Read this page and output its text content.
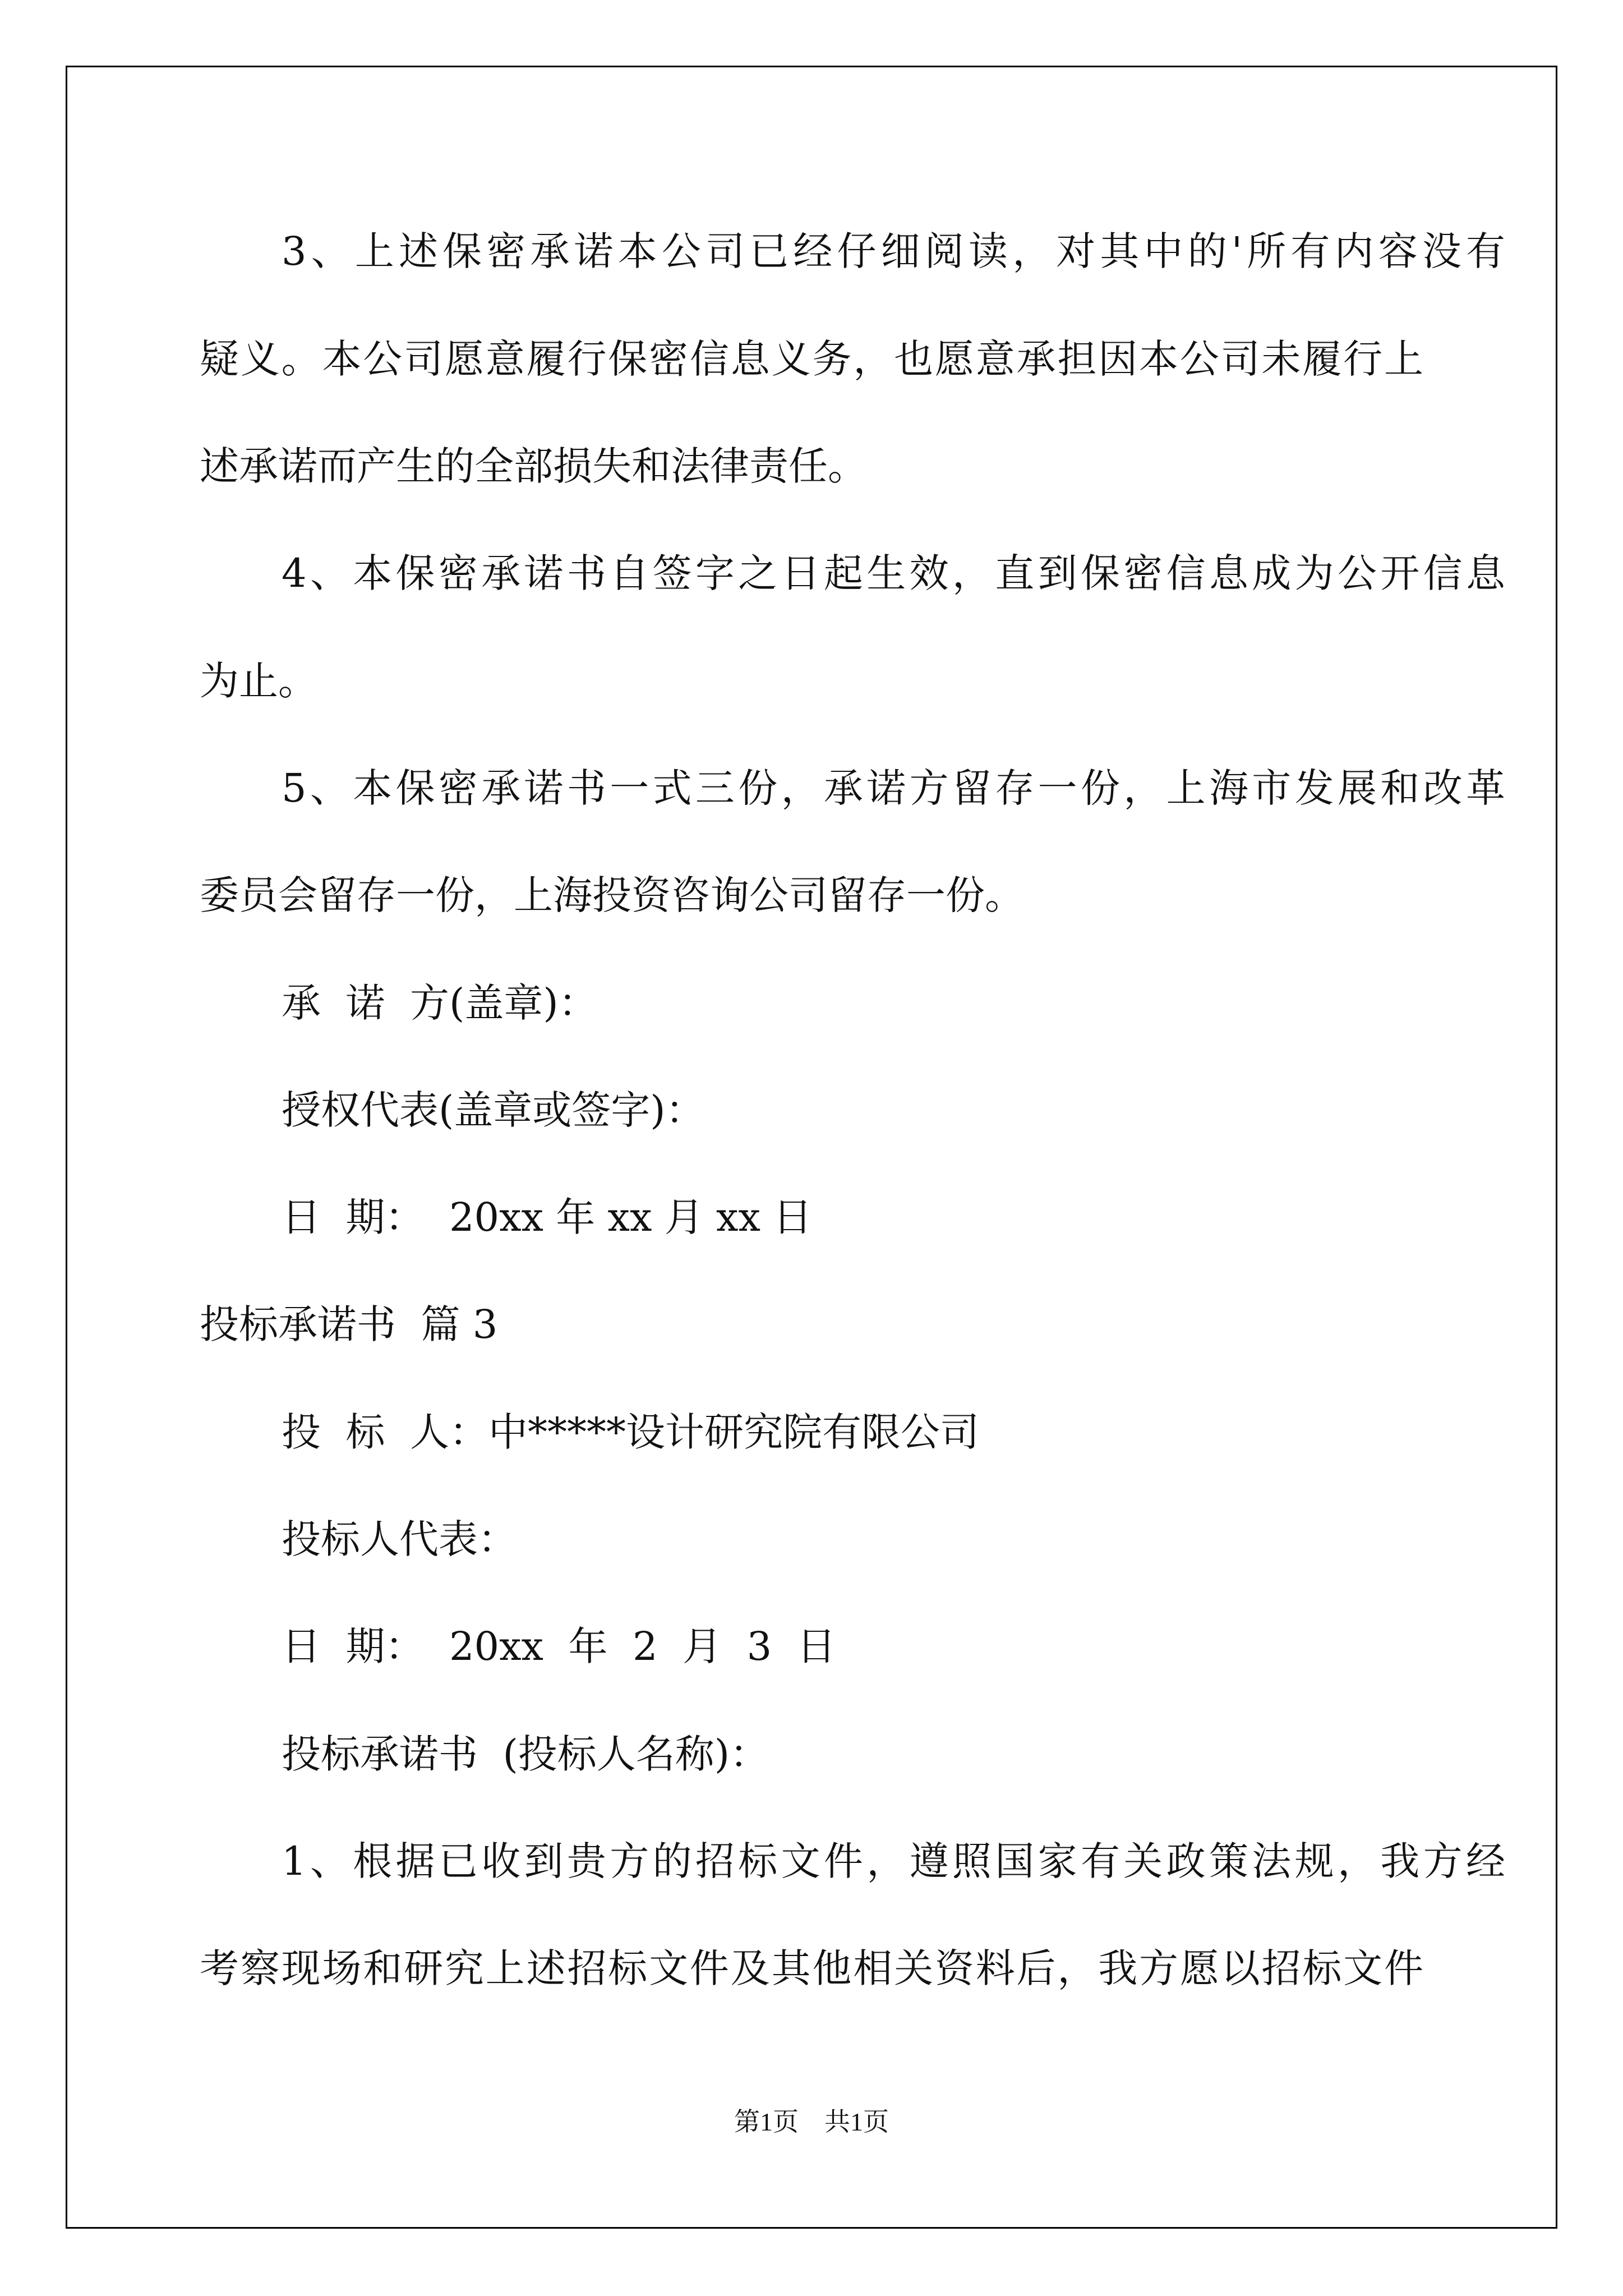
3、上述保密承诺本公司已经仔细阅读，对其中的'所有内容没有
疑义。本公司愿意履行保密信息义务，也愿意承担因本公司未履行上
述承诺而产生的全部损失和法律责任。
4、本保密承诺书自签字之日起生效，直到保密信息成为公开信息
为止。
5、本保密承诺书一式三份，承诺方留存一份，上海市发展和改革
委员会留存一份，上海投资咨询公司留存一份。
承  诺  方(盖章)：
授权代表(盖章或签字)：
日  期：  20xx 年 xx 月 xx 日
投标承诺书  篇 3
投  标  人：中*****设计研究院有限公司
投标人代表：
日  期：  20xx  年  2  月  3  日
投标承诺书  (投标人名称)：
1、根据已收到贵方的招标文件，遵照国家有关政策法规，我方经
考察现场和研究上述招标文件及其他相关资料后，我方愿以招标文件
第1页    共1页
